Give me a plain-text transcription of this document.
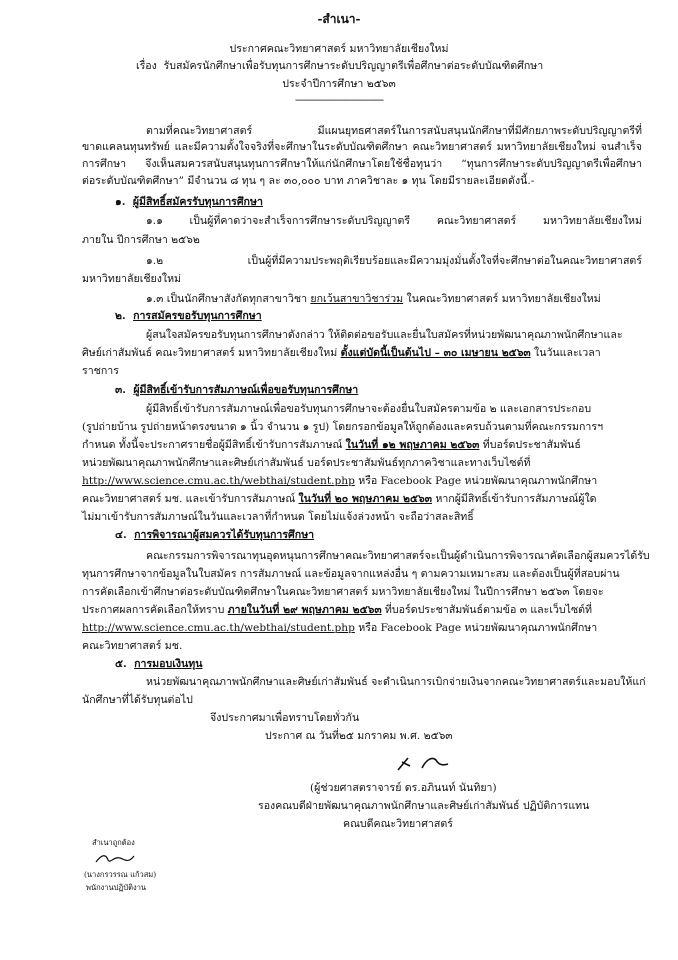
-สำเนา-
ประกาศคณะวิทยาศาสตร์ มหาวิทยาลัยเชียงใหม่
เรื่อง รับสมัครนักศึกษาเพื่อรับทุนการศึกษาระดับปริญญาตรีเพื่อศึกษาต่อระดับบัณฑิตศึกษา
ประจำปีการศึกษา ๒๕๖๓
-------------------------------------
ตามที่คณะวิทยาศาสตร์ มีแผนยุทธศาสตร์ในการสนับสนุนนักศึกษาที่มีศักยภาพระดับปริญญาตรีที่
ขาดแคลนทุนทรัพย์ และมีความตั้งใจจริงที่จะศึกษาในระดับบัณฑิตศึกษา คณะวิทยาศาสตร์ มหาวิทยาลัยเชียงใหม่ จนสำเร็จ
การศึกษา จึงเห็นสมควรสนับสนุนทุนการศึกษาให้แก่นักศึกษาโดยใช้ชื่อทุนว่า “ทุนการศึกษาระดับปริญญาตรีเพื่อศึกษา
ต่อระดับบัณฑิตศึกษา” มีจำนวน ๘ ทุน ๆ ละ ๓๐,๐๐๐ บาท ภาควิชาละ ๑ ทุน โดยมีรายละเอียดดังนี้.-
๑. ผู้มีสิทธิ์สมัครรับทุนการศึกษา
๑.๑ เป็นผู้ที่คาดว่าจะสำเร็จการศึกษาระดับปริญญาตรี คณะวิทยาศาสตร์ มหาวิทยาลัยเชียงใหม่
ภายใน ปีการศึกษา ๒๕๖๒
๑.๒ เป็นผู้ที่มีความประพฤติเรียบร้อยและมีความมุ่งมั่นตั้งใจที่จะศึกษาต่อในคณะวิทยาศาสตร์
มหาวิทยาลัยเชียงใหม่
๑.๓ เป็นนักศึกษาสังกัดทุกสาขาวิชา ยกเว้นสาขาวิชาร่วม ในคณะวิทยาศาสตร์ มหาวิทยาลัยเชียงใหม่
๒. การสมัครขอรับทุนการศึกษา
ผู้สนใจสมัครขอรับทุนการศึกษาดังกล่าว ให้ติดต่อขอรับและยื่นใบสมัครที่หน่วยพัฒนาคุณภาพนักศึกษาและ
ศิษย์เก่าสัมพันธ์ คณะวิทยาศาสตร์ มหาวิทยาลัยเชียงใหม่ ตั้งแต่บัดนี้เป็นต้นไป – ๓๐ เมษายน ๒๕๖๓ ในวันและเวลา
ราชการ
๓. ผู้มีสิทธิ์เข้ารับการสัมภาษณ์เพื่อขอรับทุนการศึกษา
ผู้มีสิทธิ์เข้ารับการสัมภาษณ์เพื่อขอรับทุนการศึกษาจะต้องยื่นใบสมัครตามข้อ ๒ และเอกสารประกอบ
(รูปถ่ายบ้าน รูปถ่ายหน้าตรงขนาด ๑ นิ้ว จำนวน ๑ รูป) โดยกรอกข้อมูลให้ถูกต้องและครบถ้วนตามที่คณะกรรมการฯ
กำหนด ทั้งนี้จะประกาศรายชื่อผู้มีสิทธิ์เข้ารับการสัมภาษณ์ ในวันที่ ๑๒ พฤษภาคม ๒๕๖๓ ที่บอร์ดประชาสัมพันธ์
หน่วยพัฒนาคุณภาพนักศึกษาและศิษย์เก่าสัมพันธ์ บอร์ดประชาสัมพันธ์ทุกภาควิชาและทางเว็บไซต์ที่
http://www.science.cmu.ac.th/webthai/student.php หรือ Facebook Page หน่วยพัฒนาคุณภาพนักศึกษา
คณะวิทยาศาสตร์ มช. และเข้ารับการสัมภาษณ์ ในวันที่ ๒๐ พฤษภาคม ๒๕๖๓ หากผู้มีสิทธิ์เข้ารับการสัมภาษณ์ผู้ใด
ไม่มาเข้ารับการสัมภาษณ์ในวันและเวลาที่กำหนด โดยไม่แจ้งล่วงหน้า จะถือว่าสละสิทธิ์
๔. การพิจารณาผู้สมควรได้รับทุนการศึกษา
คณะกรรมการพิจารณาทุนอุดหนุนการศึกษาคณะวิทยาศาสตร์จะเป็นผู้ดำเนินการพิจารณาคัดเลือกผู้สมควรได้รับ
ทุนการศึกษาจากข้อมูลในใบสมัคร การสัมภาษณ์ และข้อมูลจากแหล่งอื่น ๆ ตามความเหมาะสม และต้องเป็นผู้ที่สอบผ่าน
การคัดเลือกเข้าศึกษาต่อระดับบัณฑิตศึกษาในคณะวิทยาศาสตร์ มหาวิทยาลัยเชียงใหม่ ในปีการศึกษา ๒๕๖๓ โดยจะ
ประกาศผลการคัดเลือกให้ทราบ ภายในวันที่ ๒๙ พฤษภาคม ๒๕๖๓ ที่บอร์ดประชาสัมพันธ์ตามข้อ ๓ และเว็บไซต์ที่
http://www.science.cmu.ac.th/webthai/student.php หรือ Facebook Page หน่วยพัฒนาคุณภาพนักศึกษา
คณะวิทยาศาสตร์ มช.
๕. การมอบเงินทุน
หน่วยพัฒนาคุณภาพนักศึกษาและศิษย์เก่าสัมพันธ์ จะดำเนินการเบิกจ่ายเงินจากคณะวิทยาศาสตร์และมอบให้แก่
นักศึกษาที่ได้รับทุนต่อไป
จึงประกาศมาเพื่อทราบโดยทั่วกัน
ประกาศ ณ วันที่๒๕ มกราคม พ.ศ. ๒๕๖๓
(ผู้ช่วยศาสตราจารย์ ดร.อภินนท์ นันทิยา)
รองคณบดีฝ่ายพัฒนาคุณภาพนักศึกษาและศิษย์เก่าสัมพันธ์ ปฏิบัติการแทน
คณบดีคณะวิทยาศาสตร์
สำเนาถูกต้อง
(นางกรวรรณ แก้วสม)
พนักงานปฏิบัติงาน
